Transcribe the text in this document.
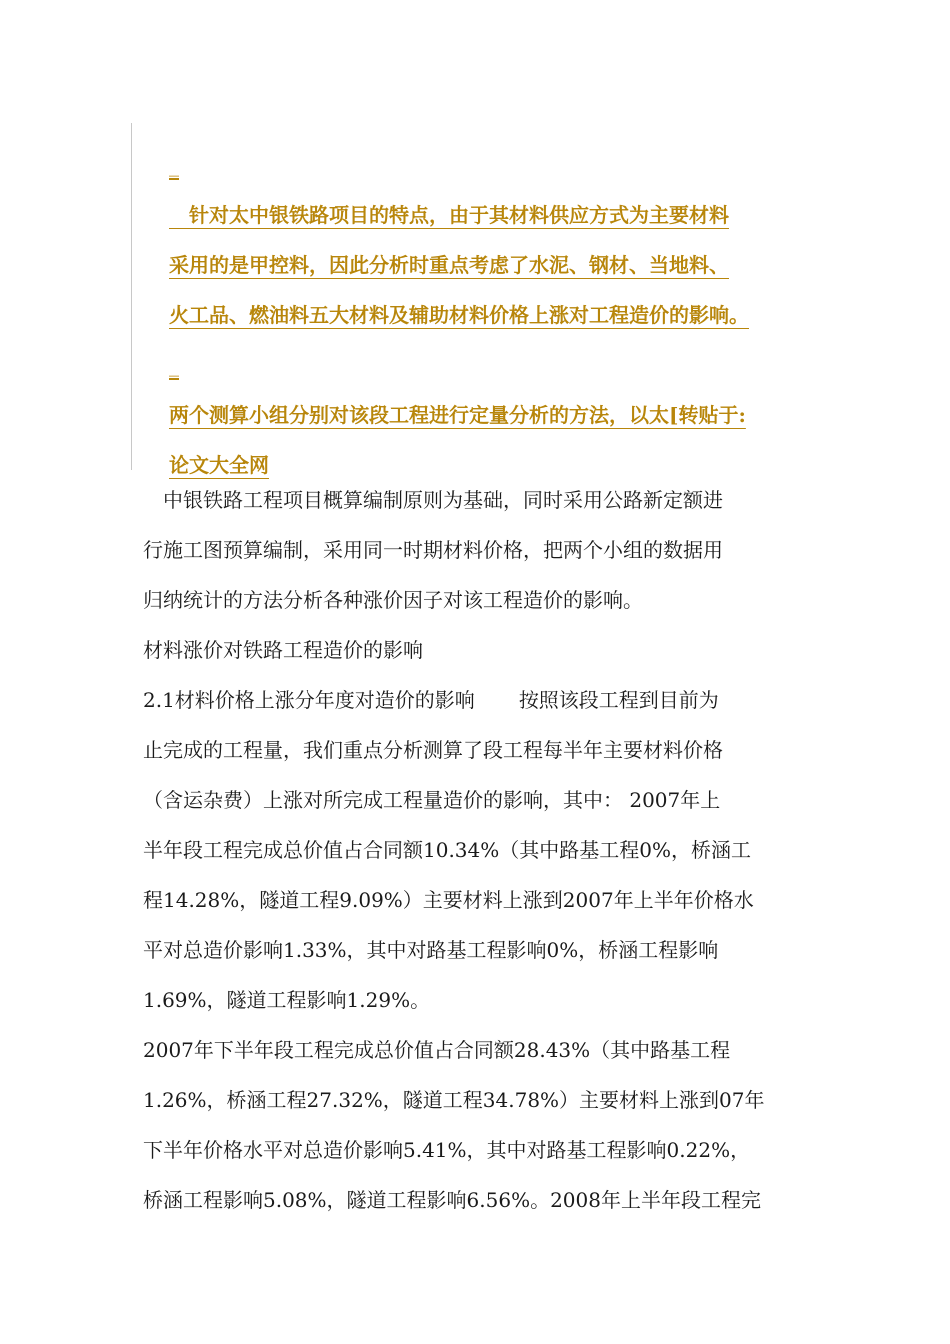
_
　针对太中银铁路项目的特点，由于其材料供应方式为主要材料
采用的是甲控料，因此分析时重点考虑了水泥、钢材、当地料、
火工品、燃油料五大材料及辅助材料价格上涨对工程造价的影响。
_
两个测算小组分别对该段工程进行定量分析的方法，以太[转贴于:
论文大全网
　中银铁路工程项目概算编制原则为基础，同时采用公路新定额进
行施工图预算编制，采用同一时期材料价格，把两个小组的数据用
归纳统计的方法分析各种涨价因子对该工程造价的影响。
材料涨价对铁路工程造价的影响
2.1材料价格上涨分年度对造价的影响 按照该段工程到目前为
止完成的工程量，我们重点分析测算了段工程每半年主要材料价格
（含运杂费）上涨对所完成工程量造价的影响，其中： 2007年上
半年段工程完成总价值占合同额10.34%（其中路基工程0%，桥涵工
程14.28%，隧道工程9.09%）主要材料上涨到2007年上半年价格水
平对总造价影响1.33%，其中对路基工程影响0%，桥涵工程影响
1.69%，隧道工程影响1.29%。
2007年下半年段工程完成总价值占合同额28.43%（其中路基工程
1.26%，桥涵工程27.32%，隧道工程34.78%）主要材料上涨到07年
下半年价格水平对总造价影响5.41%，其中对路基工程影响0.22%，
桥涵工程影响5.08%，隧道工程影响6.56%。2008年上半年段工程完
